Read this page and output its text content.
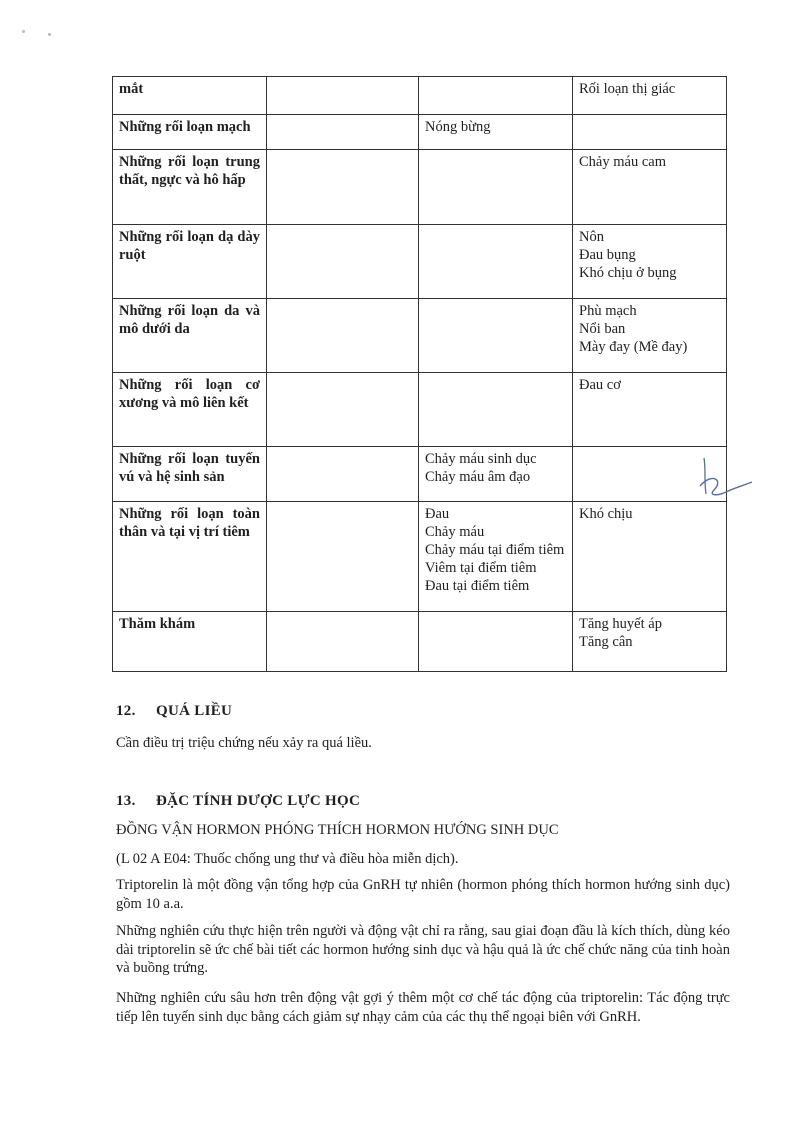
mắt			Rối loạn thị giác

Những rối loạn mạch		Nóng bừng	

Những rối loạn trung thất, ngực và hô hấp			Chảy máu cam

Những rối loạn dạ dày ruột			Nôn
Đau bụng
Khó chịu ở bụng

Những rối loạn da và mô dưới da			Phù mạch
Nổi ban
Mày đay (Mề đay)

Những rối loạn cơ xương và mô liên kết			Đau cơ

Những rối loạn tuyến vú và hệ sinh sản		Chảy máu sinh dục
Chảy máu âm đạo	

Những rối loạn toàn thân và tại vị trí tiêm		Đau
Chảy máu
Chảy máu tại điểm tiêm
Viêm tại điểm tiêm
Đau tại điểm tiêm	Khó chịu

Thăm khám			Tăng huyết áp
Tăng cân
12. QUÁ LIỀU
Cần điều trị triệu chứng nếu xảy ra quá liều.
13. ĐẶC TÍNH DƯỢC LỰC HỌC
ĐỒNG VẬN HORMON PHÓNG THÍCH HORMON HƯỚNG SINH DỤC
(L 02 A E04: Thuốc chống ung thư và điều hòa miễn dịch).
Triptorelin là một đồng vận tổng hợp của GnRH tự nhiên (hormon phóng thích hormon hướng sinh dục) gồm 10 a.a.
Những nghiên cứu thực hiện trên người và động vật chỉ ra rằng, sau giai đoạn đầu là kích thích, dùng kéo dài triptorelin sẽ ức chế bài tiết các hormon hướng sinh dục và hậu quả là ức chế chức năng của tinh hoàn và buồng trứng.
Những nghiên cứu sâu hơn trên động vật gợi ý thêm một cơ chế tác động của triptorelin: Tác động trực tiếp lên tuyến sinh dục bằng cách giảm sự nhạy cảm của các thụ thể ngoại biên với GnRH.
